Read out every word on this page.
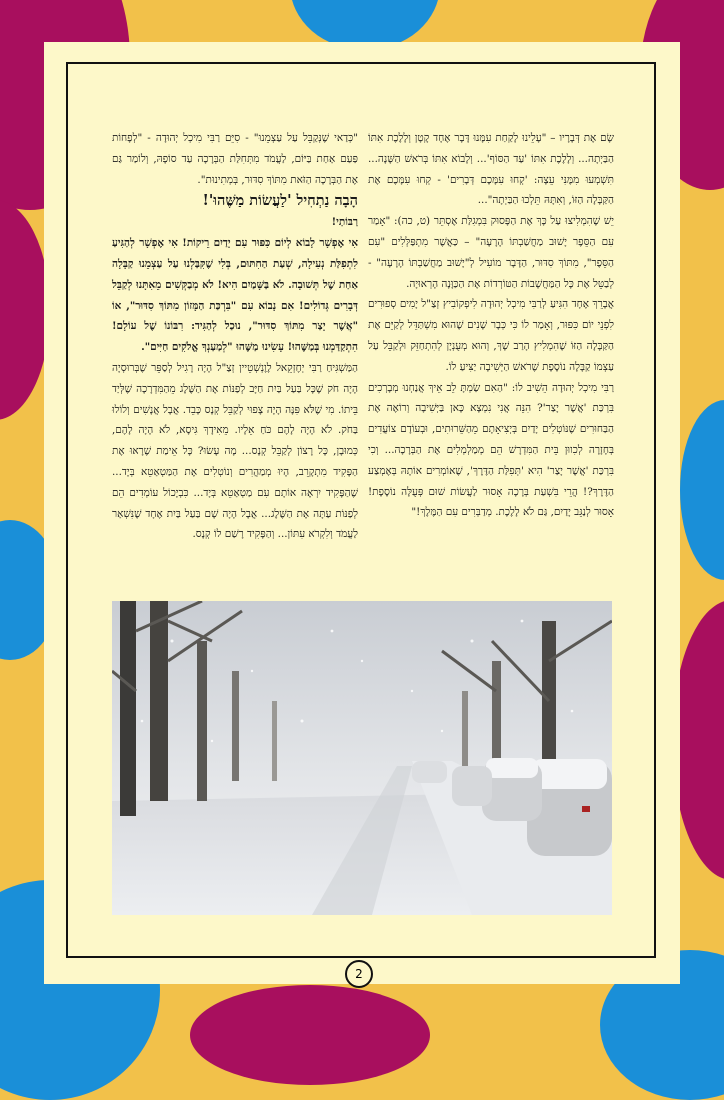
שָׂם אֶת דְּבָרָיו – "עָלֵינוּ לָקַחַת עִמָּנוּ דָּבָר אֶחָד קָטָן וְלָלֶכֶת אִתּוֹ הַבַּיְתָה... וְלָלֶכֶת אִתּוֹ 'עַד הַסּוֹף'... וְלָבוֹא אִתּוֹ בְּרֹאשׁ הַשָּׁנָה... תִּשְׁמְעוּ מִמֶּנִּי עֵצָה: 'קְחוּ עִמָּכֶם דְּבָרִים' - קְחוּ עִמָּכֶם אֶת הַקַּבָּלָה הַזּוֹ, וְאִתָּהּ תֵּלְכוּ הַבַּיְתָה"...

יֵשׁ שֶׁהִמְלִיצוּ עַל כָּךְ אֶת הַפָּסוּק בִּמְגִלַּת אֶסְתֵּר (ט, כה): "אָמַר עִם הַסֵּפֶר יָשׁוּב מַחֲשַׁבְתּוֹ הָרָעָה" – כַּאֲשֶׁר מִתְפַּלְּלִים "עִם הַסֵּפֶר", מִתּוֹךְ סִדּוּר, הַדָּבָר מוֹעִיל לְ"יָשׁוּב מַחֲשַׁבְתּוֹ הָרָעָה" - לְבַטֵּל אֶת כָּל הַמַּחֲשָׁבוֹת הַטּוֹרְדוֹת אֶת הַכַּוָּנָה הָרְאוּיָה.

אֲבָרֵךְ אֶחָד הִגִּיעַ לְרַבִּי מִיכְל יְהוּדָה לִיפְקוֹבִיץ זְצַ"ל יָמִים סְפוּרִים לִפְנֵי יוֹם כִּפּוּר, וְאָמַר לוֹ כִּי כְּבָר שָׁנִים שֶׁהוּא מִשְׁתַּדֵּל לְקַיֵּם אֶת הַקַּבָּלָה הַזּוֹ שֶׁהִמְלִיץ הָרַב שָׁךְ, וְהוּא מְעֻנְיָן לְהִתְחַזֵּק וּלְקַבֵּל עַל עַצְמוֹ קַבָּלָה נוֹסֶפֶת שֶׁרֹאשׁ הַיְּשִׁיבָה יַצִּיעַ לוֹ.

רַבִּי מִיכְל יְהוּדָה הֵשִׁיב לוֹ: "הַאִם שַׂמְתָּ לֵב אֵיךְ אֲנַחְנוּ מְבָרְכִים בִּרְכַּת 'אֲשֶׁר יָצַר'? הִנֵּה אֲנִי נִמְצָא כָּאן בַּיְּשִׁיבָה וְרוֹאֶה אֶת הַבַּחוּרִים שֶׁנּוֹטְלִים יָדַיִם בְּיְצִיאָתָם מֵהַשֵּׁרוּתִים, וּבְעוֹדָם צוֹעֲדִים בְּחָזָרָה לְכִווּן בֵּית הַמִּדְרָשׁ הֵם מְמַלְמְלִים אֶת הַבְּרָכָה... וְכִי בִּרְכַּת 'אֲשֶׁר יָצַר' הִיא 'תְּפִלַּת הַדֶּרֶךְ', שֶׁאוֹמְרִים אוֹתָהּ בְּאֶמְצַע הַדֶּרֶךְ?! הֲרֵי בִּשְׁעַת בְּרָכָה אָסוּר לַעֲשׂוֹת שׁוּם פְּעֻלָּה נוֹסֶפֶת! אָסוּר לְנַגֵּב יָדַיִם, גַּם לֹא לָלֶכֶת. מְדַבְּרִים עִם הַמֶּלֶךְ!"

"כְּדַאי שֶׁנְּקַבֵּל עַל עַצְמֵנוּ" - סִיֵּם רַבִּי מִיכְל יְהוּדָה - "לְפָחוֹת פַּעַם אַחַת בַּיּוֹם, לַעֲמֹד מִתְּחִלַּת הַבְּרָכָה עַד סוֹפָהּ, וְלוֹמַר גַּם אֶת הַבְּרָכָה הַזֹּאת מִתּוֹךְ סִדּוּר, בְּמְתִינוּת".

הָבָה נַתְחִיל 'לַעֲשׂוֹת מַשֶּׁהוּ'!

רַבּוֹתַי!

אִי אֶפְשָׁר לָבוֹא לְיוֹם כִּפּוּר עִם יָדַיִם רֵיקוֹת! אִי אֶפְשָׁר לְהַגִּיעַ לִתְפִלַּת נְעִילָה, שְׁעַת הַחִתּוּם, בְּלִי שֶׁקִּבַּלְנוּ עַל עַצְמֵנוּ קַבָּלָה אַחַת שֶׁל תְּשׁוּבָה. לֹא בַּשָּׁמַיִם הִיא! לֹא מְבַקְּשִׁים מֵאִתָּנוּ לְקַבֵּל דְּבָרִים גְּדוֹלִים! אִם נָבוֹא עִם "בִּרְכַּת הַמָּזוֹן מִתּוֹךְ סִדּוּר", אוֹ "אֲשֶׁר יָצַר מִתּוֹךְ סִדּוּר", נוּכַל לְהַגִּיד: רִבּוֹנוֹ שֶׁל עוֹלָם! הִתְקַדַּמְנוּ בְּמַשֶּׁהוּ! עָשִׂינוּ מַשֶּׁהוּ "לְמַעַנְךָ אֱלֹקִים חַיִּים".

הַמַּשְׁגִּיחַ רַבִּי יְחֶזְקֵאל לֶוֶנְשְׁטֵיין זְצַ"ל הָיָה רָגִיל לְסַפֵּר שֶׁבְּרוּסְיָה הָיָה חֹק שֶׁכָּל בַּעַל בַּיִת חַיָּב לְפַנּוֹת אֶת הַשֶּׁלֶג מֵהַמִּדְרָכָה שֶׁלְּיַד בֵּיתוֹ. מִי שֶׁלֹּא פִּנָּה הָיָה צָפוּי לְקַבֵּל קְנָס כָּבֵד. אֲבָל אֲנָשִׁים וְלוֹלוּ בַּחֹק. לֹא הָיָה לָהֶם כֹּחַ אֵלָיו. מֵאִידָךְ גִּיסָא, לֹא הָיָה לָהֶם, כְּמוּבָן, כָּל רָצוֹן לְקַבֵּל קְנָס... מָה עָשׂוּ? כָּל אֵימַת שֶׁרָאוּ אֶת הַפָּקִיד מִתְקָרֵב, הָיוּ מְמַהֲרִים וְנוֹטְלִים אֶת הַמַּטְאַטֵא בְּיָד... שֶׁהַפָּקִיד יִרְאֶה אוֹתָם עִם מַטְאַטֵא בְּיָד... כִּבְיָכוֹל עוֹמְדִים הֵם לְפַנּוֹת עַתָּה אֶת הַשֶּׁלֶג... אֲבָל הָיָה שָׁם בַּעַל בַּיִת אֶחָד שֶׁנִּשְׁאַר לַעֲמֹד וְלִקְרֹא עִתּוֹן... וְהַפָּקִיד רָשַׁם לוֹ קְנָס.

2
